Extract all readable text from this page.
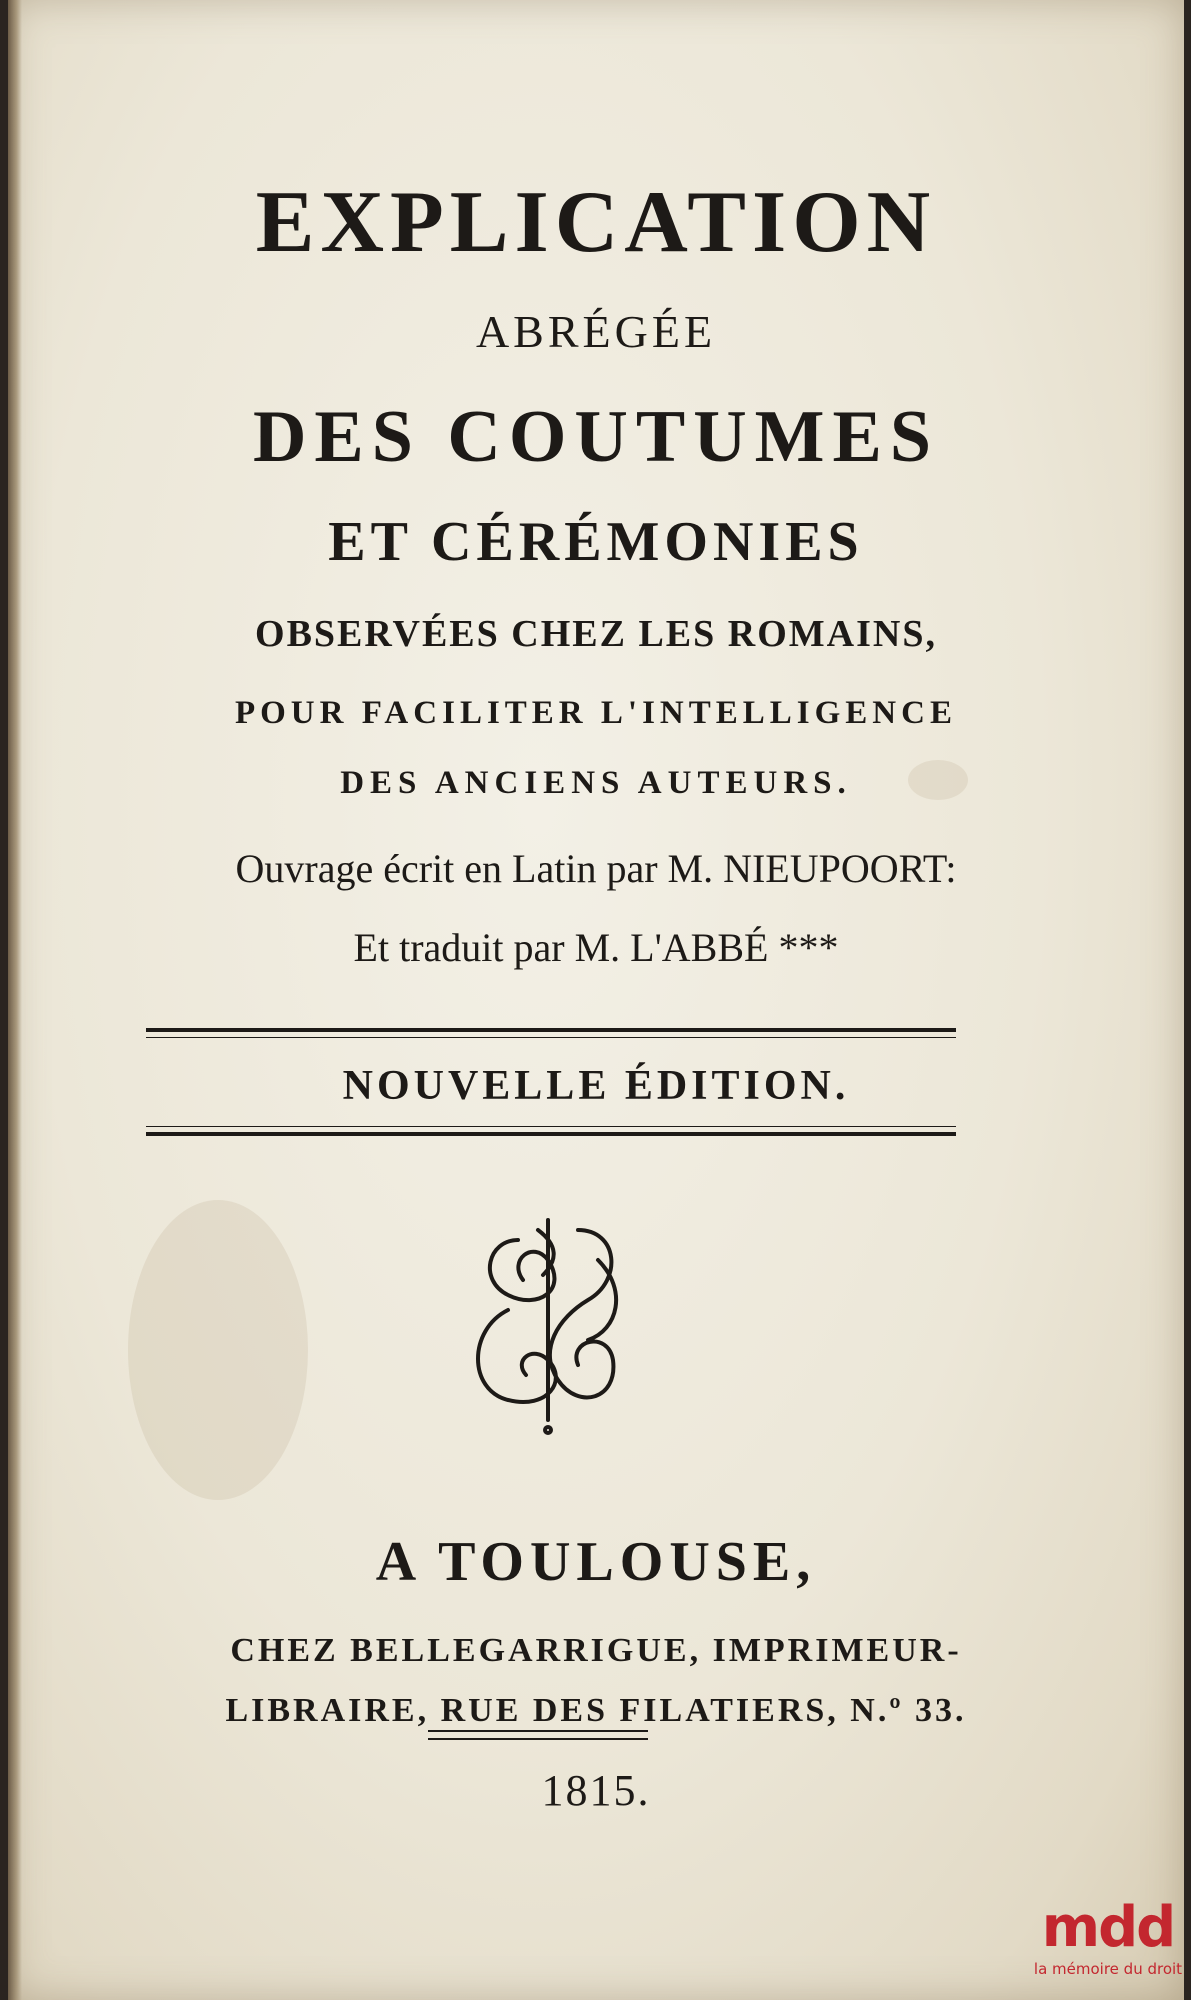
EXPLICATION
ABRÉGÉE
DES COUTUMES
ET CÉRÉMONIES
OBSERVÉES CHEZ LES ROMAINS,
POUR FACILITER L'INTELLIGENCE
DES ANCIENS AUTEURS.
Ouvrage écrit en Latin par M. NIEUPOORT:
Et traduit par M. L'ABBÉ ***
NOUVELLE ÉDITION.
A TOULOUSE,
CHEZ BELLEGARRIGUE, IMPRIMEUR-
LIBRAIRE, RUE DES FILATIERS, N.º 33.
1815.
mdd
la mémoire du droit
